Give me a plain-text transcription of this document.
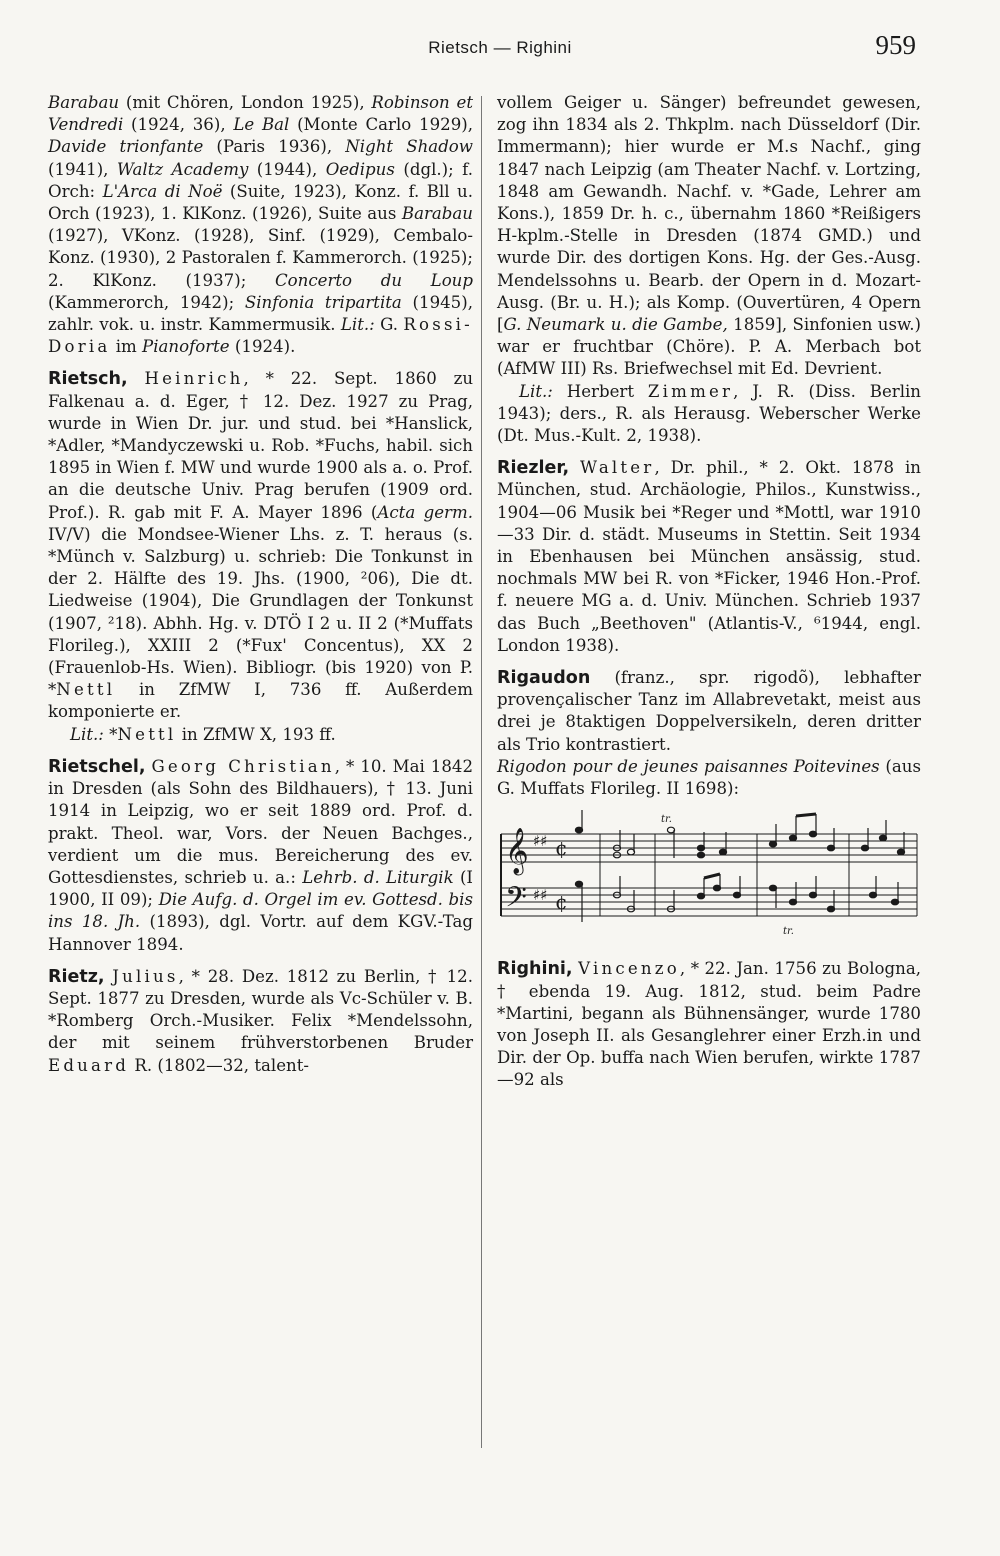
Rietsch — Righini	959

Barabau (mit Chören, London 1925), Robinson et Vendredi (1924, 36), Le Bal (Monte Carlo 1929), Davide trionfante (Paris 1936), Night Shadow (1941), Waltz Academy (1944), Oedipus (dgl.); f. Orch: L'Arca di Noë (Suite, 1923), Konz. f. Bll u. Orch (1923), 1. KlKonz. (1926), Suite aus Barabau (1927), VKonz. (1928), Sinf. (1929), Cembalo-Konz. (1930), 2 Pastoralen f. Kammerorch. (1925); 2. KlKonz. (1937); Concerto du Loup (Kammerorch, 1942); Sinfonia tripartita (1945), zahlr. vok. u. instr. Kammermusik. Lit.: G. Rossi-Doria im Pianoforte (1924).

Rietsch, Heinrich, * 22. Sept. 1860 zu Falkenau a. d. Eger, † 12. Dez. 1927 zu Prag, wurde in Wien Dr. jur. und stud. bei *Hanslick, *Adler, *Mandyczewski u. Rob. *Fuchs, habil. sich 1895 in Wien f. MW und wurde 1900 als a. o. Prof. an die deutsche Univ. Prag berufen (1909 ord. Prof.). R. gab mit F. A. Mayer 1896 (Acta germ. IV/V) die Mondsee-Wiener Lhs. z. T. heraus (s. *Münch v. Salzburg) u. schrieb: Die Tonkunst in der 2. Hälfte des 19. Jhs. (1900, ²06), Die dt. Liedweise (1904), Die Grundlagen der Tonkunst (1907, ²18). Abhh. Hg. v. DTÖ I 2 u. II 2 (*Muffats Florileg.), XXIII 2 (*Fux' Concentus), XX 2 (Frauenlob-Hs. Wien). Bibliogr. (bis 1920) von P. *Nettl in ZfMW I, 736 ff. Außerdem komponierte er.

Lit.: *Nettl in ZfMW X, 193 ff.

Rietschel, Georg Christian, * 10. Mai 1842 in Dresden (als Sohn des Bildhauers), † 13. Juni 1914 in Leipzig, wo er seit 1889 ord. Prof. d. prakt. Theol. war, Vors. der Neuen Bachges., verdient um die mus. Bereicherung des ev. Gottesdienstes, schrieb u. a.: Lehrb. d. Liturgik (I 1900, II 09); Die Aufg. d. Orgel im ev. Gottesd. bis ins 18. Jh. (1893), dgl. Vortr. auf dem KGV.-Tag Hannover 1894.

Rietz, Julius, * 28. Dez. 1812 zu Berlin, † 12. Sept. 1877 zu Dresden, wurde als Vc-Schüler v. B. *Romberg Orch.-Musiker. Felix *Mendelssohn, der mit seinem frühverstorbenen Bruder Eduard R. (1802—32, talent-

vollem Geiger u. Sänger) befreundet gewesen, zog ihn 1834 als 2. Thkplm. nach Düsseldorf (Dir. Immermann); hier wurde er M.s Nachf., ging 1847 nach Leipzig (am Theater Nachf. v. Lortzing, 1848 am Gewandh. Nachf. v. *Gade, Lehrer am Kons.), 1859 Dr. h. c., übernahm 1860 *Reißigers H-kplm.-Stelle in Dresden (1874 GMD.) und wurde Dir. des dortigen Kons. Hg. der Ges.-Ausg. Mendelssohns u. Bearb. der Opern in d. Mozart-Ausg. (Br. u. H.); als Komp. (Ouvertüren, 4 Opern [G. Neumark u. die Gambe, 1859], Sinfonien usw.) war er fruchtbar (Chöre). P. A. Merbach bot (AfMW III) Rs. Briefwechsel mit Ed. Devrient.

Lit.: Herbert Zimmer, J. R. (Diss. Berlin 1943); ders., R. als Herausg. Weberscher Werke (Dt. Mus.-Kult. 2, 1938).

Riezler, Walter, Dr. phil., * 2. Okt. 1878 in München, stud. Archäologie, Philos., Kunstwiss., 1904—06 Musik bei *Reger und *Mottl, war 1910—33 Dir. d. städt. Museums in Stettin. Seit 1934 in Ebenhausen bei München ansässig, stud. nochmals MW bei R. von *Ficker, 1946 Hon.-Prof. f. neuere MG a. d. Univ. München. Schrieb 1937 das Buch „Beethoven" (Atlantis-V., ⁶1944, engl. London 1938).

Rigaudon (franz., spr. rigodõ), lebhafter provençalischer Tanz im Allabrevetakt, meist aus drei je 8taktigen Doppelversikeln, deren dritter als Trio kontrastiert.

Rigodon pour de jeunes paisannes Poitevines (aus G. Muffats Florileg. II 1698):

𝄞
𝄢
♯♯
♯♯
¢
¢
tr.
tr.

Righini, Vincenzo, * 22. Jan. 1756 zu Bologna, † ebenda 19. Aug. 1812, stud. beim Padre *Martini, begann als Bühnensänger, wurde 1780 von Joseph II. als Gesanglehrer einer Erzh.in und Dir. der Op. buffa nach Wien berufen, wirkte 1787—92 als
